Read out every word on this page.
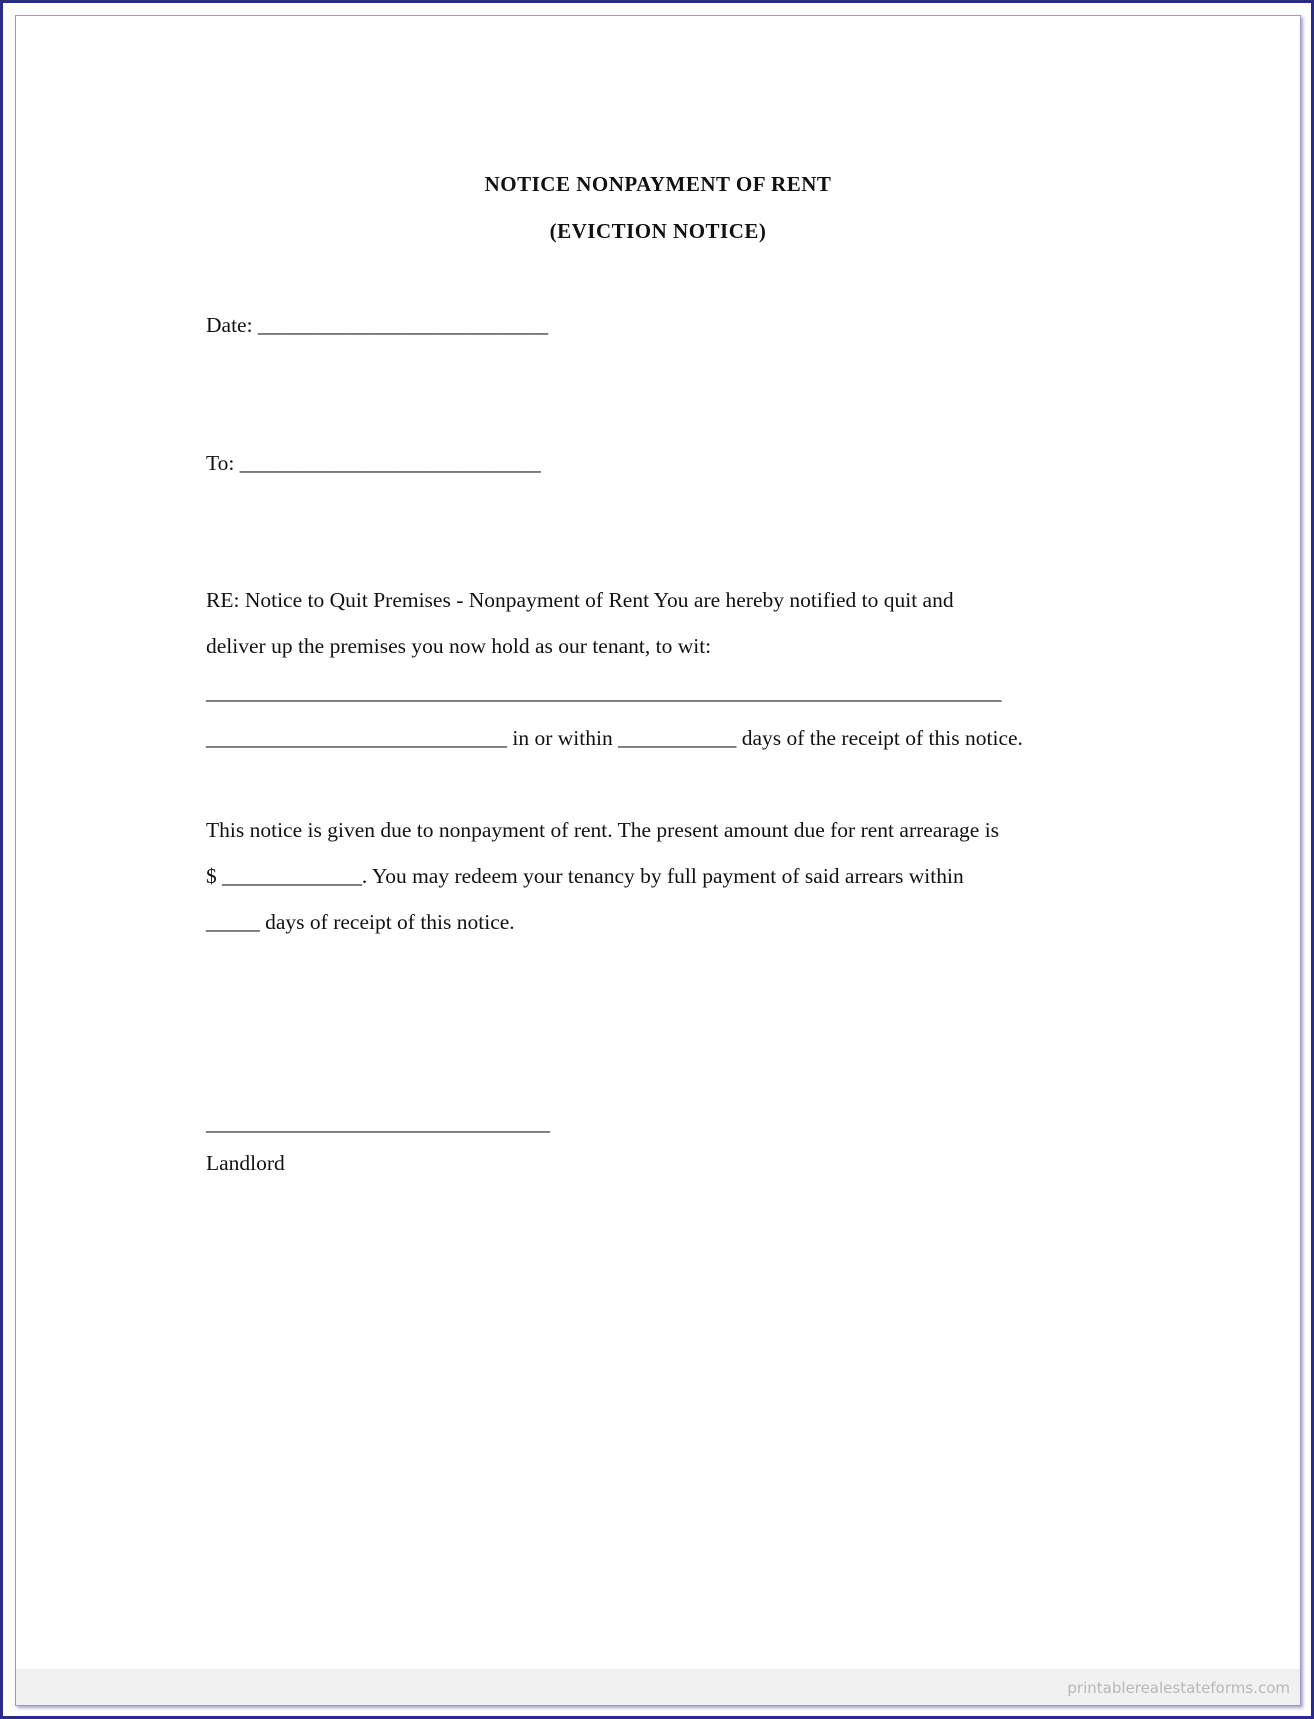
NOTICE NONPAYMENT OF RENT
(EVICTION NOTICE)
Date: ___________________________
To: ____________________________
RE: Notice to Quit Premises - Nonpayment of Rent You are hereby notified to quit and
deliver up the premises you now hold as our tenant, to wit:
__________________________________________________________________________
____________________________ in or within ___________ days of the receipt of this notice.
This notice is given due to nonpayment of rent. The present amount due for rent arrearage is
$ _____________. You may redeem your tenancy by full payment of said arrears within
_____ days of receipt of this notice.
________________________________
Landlord
printablerealestateforms.com
